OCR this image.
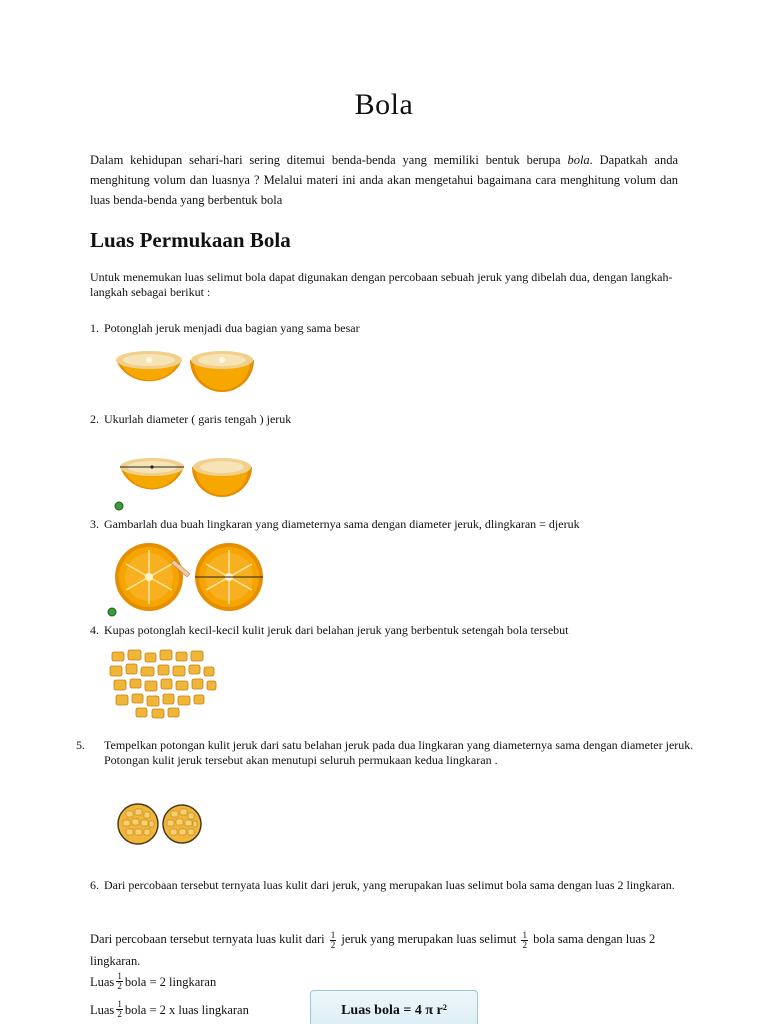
Bola

Dalam kehidupan sehari-hari sering ditemui benda-benda yang memiliki bentuk berupa bola. Dapatkah anda menghitung volum dan luasnya ? Melalui materi ini anda akan mengetahui bagaimana cara menghitung volum dan luas benda-benda yang berbentuk bola

Luas Permukaan Bola

Untuk menemukan luas selimut bola dapat digunakan dengan percobaan sebuah jeruk yang dibelah dua, dengan langkah-langkah sebagai berikut :

1. Potonglah jeruk menjadi dua bagian yang sama besar
2. Ukurlah diameter ( garis tengah ) jeruk
3. Gambarlah dua buah lingkaran yang diameternya sama dengan diameter jeruk, dlingkaran = djeruk
4. Kupas potonglah kecil-kecil kulit jeruk dari belahan jeruk yang berbentuk setengah bola tersebut
5. Tempelkan potongan kulit jeruk dari satu belahan jeruk pada dua lingkaran yang diameternya sama dengan diameter jeruk. Potongan kulit jeruk tersebut akan menutupi seluruh permukaan kedua lingkaran .
6. Dari percobaan tersebut ternyata luas kulit dari jeruk, yang merupakan luas selimut bola sama dengan luas 2 lingkaran.

Dari percobaan tersebut ternyata luas kulit dari $\frac{1}{2}$ jeruk yang merupakan luas selimut $\frac{1}{2}$ bola sama dengan luas 2 lingkaran.

Luas $\frac{1}{2}$ bola = 2 lingkaran
Luas $\frac{1}{2}$ bola = 2 x luas lingkaran	Luas bola = 4 π r²
